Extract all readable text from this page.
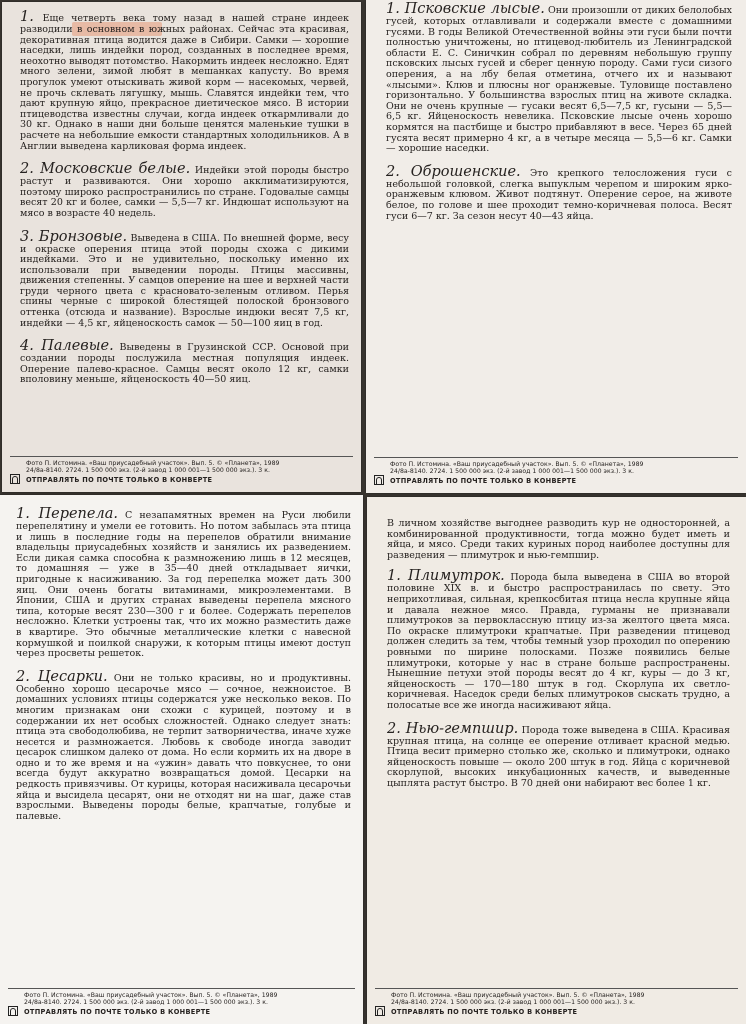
1. Еще четверть века тому назад в нашей стране индеек разводили в основном в южных районах. Сейчас эта красивая, декоративная птица водится даже в Сибири. Самки — хорошие наседки, лишь индейки пород, созданных в последнее время, неохотно выводят потомство. Накормить индеек несложно. Едят много зелени, зимой любят в мешанках капусту. Во время прогулок умеют отыскивать живой корм — насекомых, червей, не прочь склевать лягушку, мышь. Славятся индейки тем, что дают крупную яйцо, прекрасное диетическое мясо. В истории птицеводства известны случаи, когда индеек откармливали до 30 кг. Однако в наши дни больше ценятся маленькие тушки в расчете на небольшие емкости стандартных холодильников. А в Англии выведена карликовая форма индеек.

2. Московские белые. Индейки этой породы быстро растут и развиваются. Они хорошо акклиматизируются, поэтому широко распространились по стране. Годовалые самцы весят 20 кг и более, самки — 5,5—7 кг. Индюшат используют на мясо в возрасте 40 недель.

3. Бронзовые. Выведена в США. По внешней форме, весу и окраске оперения птица этой породы схожа с дикими индейками. Это и не удивительно, поскольку именно их использовали при выведении породы. Птицы массивны, движения степенны. У самцов оперение на шее и верхней части груди черного цвета с красновато-зеленым отливом. Перья спины черные с широкой блестящей полоской бронзового оттенка (отсюда и название). Взрослые индюки весят 7,5 кг, индейки — 4,5 кг, яйценоскость самок — 50—100 яиц в год.

4. Палевые. Выведены в Грузинской ССР. Основой при создании породы послужила местная популяция индеек. Оперение палево-красное. Самцы весят около 12 кг, самки вполовину меньше, яйценоскость 40—50 яиц.

Фото П. Истомина. «Ваш приусадебный участок». Вып. 5. © «Планета», 1989
24/8а-8140. 2724. 1 500 000 экз. (2-й завод 1 000 001—1 500 000 экз.). 3 к.
ОТПРАВЛЯТЬ ПО ПОЧТЕ ТОЛЬКО В КОНВЕРТЕ

1. Псковские лысые. Они произошли от диких белолобых гусей, которых отлавливали и содержали вместе с домашними гусями. В годы Великой Отечественной войны эти гуси были почти полностью уничтожены, но птицевод-любитель из Ленинградской области Е. С. Синичкин собрал по деревням небольшую группу псковских лысых гусей и сберег ценную породу. Сами гуси сизого оперения, а на лбу белая отметина, отчего их и называют «лысыми». Клюв и плюсны ног оранжевые. Туловище поставлено горизонтально. У большинства взрослых птиц на животе складка. Они не очень крупные — гусаки весят 6,5—7,5 кг, гусыни — 5,5—6,5 кг. Яйценоскость невелика. Псковские лысые очень хорошо кормятся на пастбище и быстро прибавляют в весе. Через 65 дней гусята весят примерно 4 кг, а в четыре месяца — 5,5—6 кг. Самки — хорошие наседки.

2. Оброшенские. Это крепкого телосложения гуси с небольшой головкой, слегка выпуклым черепом и широким ярко-оранжевым клювом. Живот подтянут. Оперение серое, на животе белое, по голове и шее проходит темно-коричневая полоса. Весят гуси 6—7 кг. За сезон несут 40—43 яйца.

Фото П. Истомина. «Ваш приусадебный участок». Вып. 5. © «Планета», 1989
24/8а-8140. 2724. 1 500 000 экз. (2-й завод 1 000 001—1 500 000 экз.). 3 к.
ОТПРАВЛЯТЬ ПО ПОЧТЕ ТОЛЬКО В КОНВЕРТЕ

1. Перепела. С незапамятных времен на Руси любили перепелятину и умели ее готовить. Но потом забылась эта птица и лишь в последние годы на перепелов обратили внимание владельцы приусадебных хозяйств и занялись их разведением. Если дикая самка способна к размножению лишь в 12 месяцев, то домашняя — уже в 35—40 дней откладывает яички, пригодные к насиживанию. За год перепелка может дать 300 яиц. Они очень богаты витаминами, микроэлементами. В Японии, США и других странах выведены перепела мясного типа, которые весят 230—300 г и более. Содержать перепелов несложно. Клетки устроены так, что их можно разместить даже в квартире. Это обычные металлические клетки с навесной кормушкой и поилкой снаружи, к которым птицы имеют доступ через просветы решеток.

2. Цесарки. Они не только красивы, но и продуктивны. Особенно хорошо цесарочье мясо — сочное, нежноистое. В домашних условиях птицы содержатся уже несколько веков. По многим признакам они схожи с курицей, поэтому и в содержании их нет особых сложностей. Однако следует знать: птица эта свободолюбива, не терпит затворничества, иначе хуже несется и размножается. Любовь к свободе иногда заводит цесарок слишком далеко от дома. Но если кормить их на дворе в одно и то же время и на «ужин» давать что повкуснее, то они всегда будут аккуратно возвращаться домой. Цесарки на редкость привязчивы. От курицы, которая насиживала цесарочьи яйца и высидела цесарят, они не отходят ни на шаг, даже став взрослыми. Выведены породы белые, крапчатые, голубые и палевые.

Фото П. Истомина. «Ваш приусадебный участок». Вып. 5. © «Планета», 1989
24/8а-8140. 2724. 1 500 000 экз. (2-й завод 1 000 001—1 500 000 экз.). 3 к.
ОТПРАВЛЯТЬ ПО ПОЧТЕ ТОЛЬКО В КОНВЕРТЕ

В личном хозяйстве выгоднее разводить кур не односторонней, а комбинированной продуктивности, тогда можно будет иметь и яйца, и мясо. Среди таких куриных пород наиболее доступны для разведения — плимутрок и нью-гемпшир.

1. Плимутрок. Порода была выведена в США во второй половине XIX в. и быстро распространилась по свету. Это неприхотливая, сильная, крепкосбитая птица несла крупные яйца и давала нежное мясо. Правда, гурманы не признавали плимутроков за первоклассную птицу из-за желтого цвета мяса. По окраске плимутроки крапчатые. При разведении птицевод должен следить за тем, чтобы темный узор проходил по оперению ровными по ширине полосками. Позже появились белые плимутроки, которые у нас в стране больше распространены. Нынешние петухи этой породы весят до 4 кг, куры — до 3 кг, яйценоскость — 170—180 штук в год. Скорлупа их светло-коричневая. Наседок среди белых плимутроков сыскать трудно, а полосатые все же иногда насиживают яйца.

2. Нью-гемпшир. Порода тоже выведена в США. Красивая крупная птица, на солнце ее оперение отливает красной медью. Птица весит примерно столько же, сколько и плимутроки, однако яйценоскость повыше — около 200 штук в год. Яйца с коричневой скорлупой, высоких инкубационных качеств, и выведенные цыплята растут быстро. В 70 дней они набирают вес более 1 кг.

Фото П. Истомина. «Ваш приусадебный участок». Вып. 5. © «Планета», 1989
24/8а-8140. 2724. 1 500 000 экз. (2-й завод 1 000 001—1 500 000 экз.). 3 к.
ОТПРАВЛЯТЬ ПО ПОЧТЕ ТОЛЬКО В КОНВЕРТЕ
